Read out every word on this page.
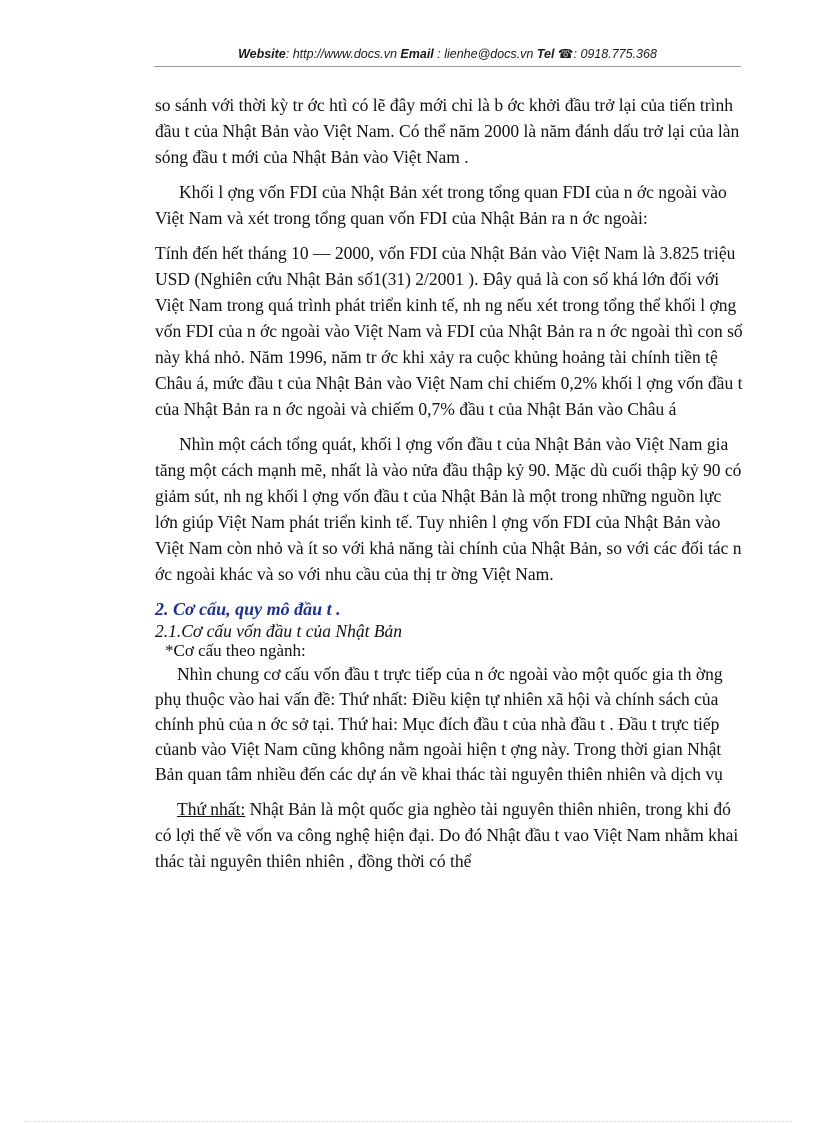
Website: http://www.docs.vn Email : lienhe@docs.vn Tel ☎: 0918.775.368

so sánh với thời kỳ tr ớc htì có lẽ đây mới chỉ là b ớc khởi đầu trở lại của tiến trình đầu t của Nhật Bản vào Việt Nam. Có thể năm 2000 là năm đánh dấu trở lại của làn sóng đầu t mới của Nhật Bản vào Việt Nam .

Khối l ợng vốn FDI của Nhật Bản xét trong tổng quan FDI của n ớc ngoài vào Việt Nam và xét trong tổng quan vốn FDI của Nhật Bản ra n ớc ngoài:

Tính đến hết tháng 10 — 2000, vốn FDI của Nhật Bản vào Việt Nam là 3.825 triệu USD (Nghiên cứu Nhật Bản số1(31) 2/2001 ). Đây quả là con số khá lớn đối với Việt Nam trong quá trình phát triển kinh tế, nh ng nếu xét trong tổng thể khối l ợng vốn FDI của n ớc ngoài vào Việt Nam và FDI của Nhật Bản ra n ớc ngoài thì con số này khá nhỏ. Năm 1996, năm tr ớc khi xảy ra cuộc khủng hoảng tài chính tiền tệ Châu á, mức đầu t của Nhật Bản vào Việt Nam chỉ chiếm 0,2% khối l ợng vốn đầu t của Nhật Bản ra n ớc ngoài và chiếm 0,7% đầu t của Nhật Bản vào Châu á

Nhìn một cách tổng quát, khối l ợng vốn đầu t của Nhật Bản vào Việt Nam gia tăng một cách mạnh mẽ, nhất là vào nửa đầu thập kỷ 90. Mặc dù cuối thập kỷ 90 có giảm sút, nh ng khối l ợng vốn đầu t của Nhật Bản là một trong những nguồn lực lớn giúp Việt Nam phát triển kinh tế. Tuy nhiên l ợng vốn FDI của Nhật Bản vào Việt Nam còn nhỏ và ít so với khả năng tài chính của Nhật Bản, so với các đối tác n ớc ngoài khác và so với nhu cầu của thị tr ờng Việt Nam.

2. Cơ cấu, quy mô đầu t .
2.1.Cơ cấu vốn đầu t của Nhật Bản
*Cơ cấu theo ngành:

Nhìn chung cơ cấu vốn đầu t trực tiếp của n ớc ngoài vào một quốc gia th ờng phụ thuộc vào hai vấn đề: Thứ nhất: Điều kiện tự nhiên xã hội và chính sách của chính phủ của n ớc sở tại. Thứ hai: Mục đích đầu t của nhà đầu t . Đầu t trực tiếp củanb vào Việt Nam cũng không nằm ngoài hiện t ợng này. Trong thời gian Nhật Bản quan tâm nhiều đến các dự án về khai thác tài nguyên thiên nhiên và dịch vụ

Thứ nhất: Nhật Bản là một quốc gia nghèo tài nguyên thiên nhiên, trong khi đó có lợi thế về vốn va công nghệ hiện đại. Do đó Nhật đầu t vao Việt Nam nhằm khai thác tài nguyên thiên nhiên , đồng thời có thể
